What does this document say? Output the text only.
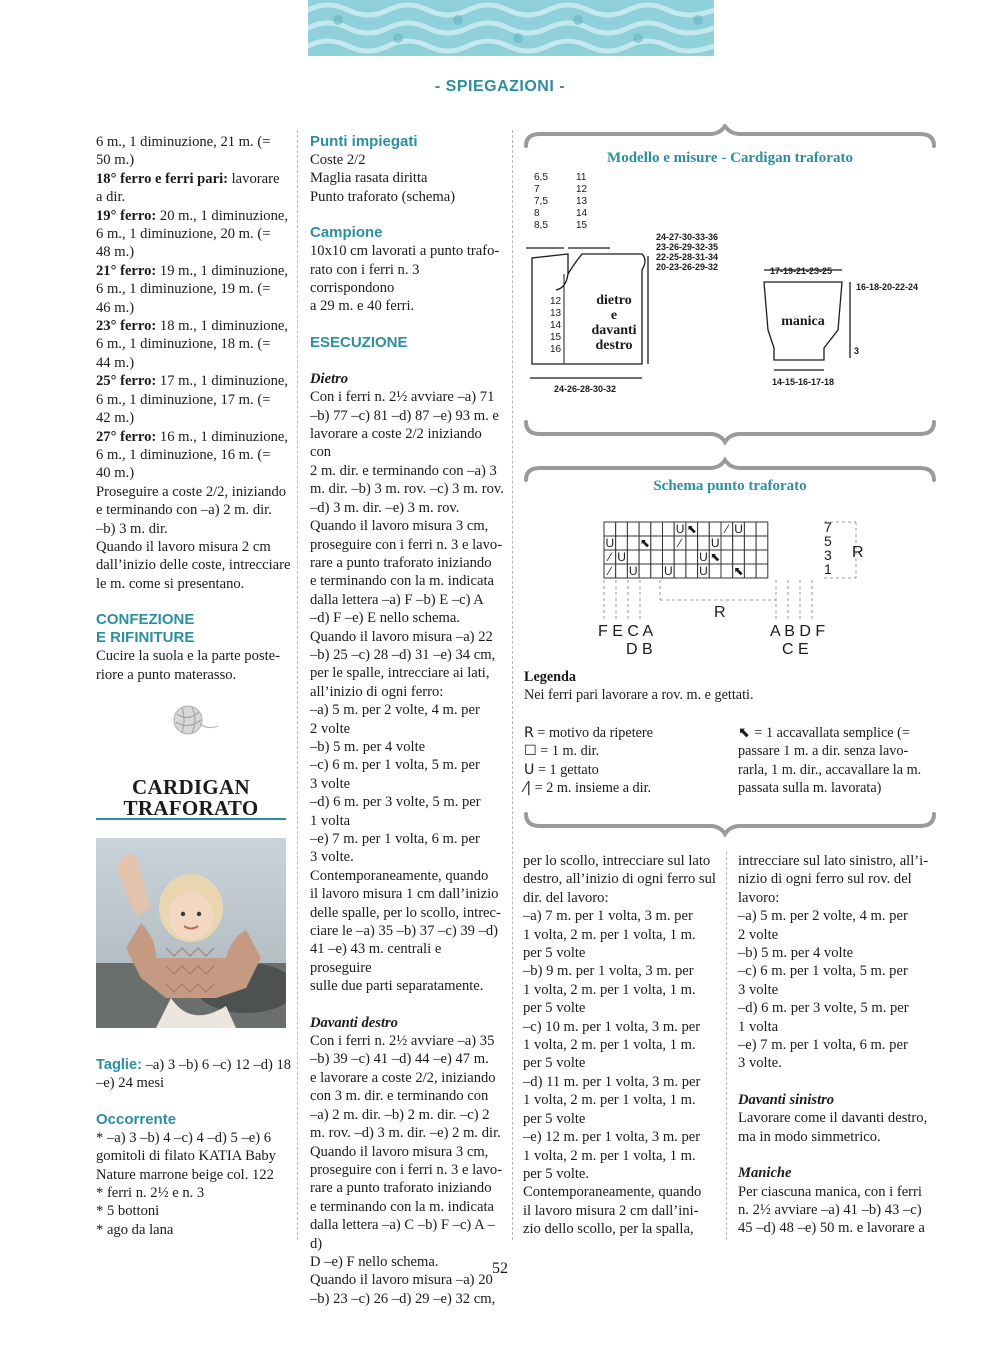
- SPIEGAZIONI -

6 m., 1 diminuzione, 21 m. (=

50 m.)

18° ferro e ferri pari: lavorare

a dir.

19° ferro: 20 m., 1 diminuzione,

6 m., 1 diminuzione, 20 m. (=

48 m.)

21° ferro: 19 m., 1 diminuzione,

6 m., 1 diminuzione, 19 m. (=

46 m.)

23° ferro: 18 m., 1 diminuzione,

6 m., 1 diminuzione, 18 m. (=

44 m.)

25° ferro: 17 m., 1 diminuzione,

6 m., 1 diminuzione, 17 m. (=

42 m.)

27° ferro: 16 m., 1 diminuzione,

6 m., 1 diminuzione, 16 m. (=

40 m.)

Proseguire a coste 2/2, iniziando

e terminando con –a) 2 m. dir.

–b) 3 m. dir.

Quando il lavoro misura 2 cm

dall’inizio delle coste, intrecciare

le m. come si presentano.

CONFEZIONE

E RIFINITURE

Cucire la suola e la parte poste-

riore a punto materasso.

CARDIGAN
TRAFORATO

Taglie: –a) 3 –b) 6 –c) 12 –d) 18

–e) 24 mesi

Occorrente

* –a) 3 –b) 4 –c) 4 –d) 5 –e) 6

gomitoli di filato KATIA Baby

Nature marrone beige col. 122

* ferri n. 2½ e n. 3

* 5 bottoni

* ago da lana

Punti impiegati

Coste 2/2

Maglia rasata diritta

Punto traforato (schema)

Campione

10x10 cm lavorati a punto trafo-

rato con i ferri n. 3 corrispondono

a 29 m. e 40 ferri.

ESECUZIONE

Dietro

Con i ferri n. 2½ avviare –a) 71

–b) 77 –c) 81 –d) 87 –e) 93 m. e

lavorare a coste 2/2 iniziando con

2 m. dir. e terminando con –a) 3

m. dir. –b) 3 m. rov. –c) 3 m. rov.

–d) 3 m. dir. –e) 3 m. rov.

Quando il lavoro misura 3 cm,

proseguire con i ferri n. 3 e lavo-

rare a punto traforato iniziando

e terminando con la m. indicata

dalla lettera –a) F –b) E –c) A

–d) F –e) E nello schema.

Quando il lavoro misura –a) 22

–b) 25 –c) 28 –d) 31 –e) 34 cm,

per le spalle, intrecciare ai lati,

all’inizio di ogni ferro:

–a) 5 m. per 2 volte, 4 m. per

2 volte

–b) 5 m. per 4 volte

–c) 6 m. per 1 volta, 5 m. per

3 volte

–d) 6 m. per 3 volte, 5 m. per

1 volta

–e) 7 m. per 1 volta, 6 m. per

3 volte.

Contemporaneamente, quando

il lavoro misura 1 cm dall’inizio

delle spalle, per lo scollo, intrec-

ciare le –a) 35 –b) 37 –c) 39 –d)

41 –e) 43 m. centrali e proseguire

sulle due parti separatamente.

Davanti destro

Con i ferri n. 2½ avviare –a) 35

–b) 39 –c) 41 –d) 44 –e) 47 m.

e lavorare a coste 2/2, iniziando

con 3 m. dir. e terminando con

–a) 2 m. dir. –b) 2 m. dir. –c) 2

m. rov. –d) 3 m. dir. –e) 2 m. dir.

Quando il lavoro misura 3 cm,

proseguire con i ferri n. 3 e lavo-

rare a punto traforato iniziando

e terminando con la m. indicata

dalla lettera –a) C –b) F –c) A –d)

D –e) F nello schema.

Quando il lavoro misura –a) 20

–b) 23 –c) 26 –d) 29 –e) 32 cm,

Modello e misure - Cardigan traforato
6,5
7
7,5
8
8,5
11
12
13
14
15
24-27-30-33-36
23-26-29-32-35
22-25-28-31-34
20-23-26-29-32
12
13
14
15
16
24-26-28-30-32
17-19-21-23-25
16-18-20-22-24
3
14-15-16-17-18
dietro
e
davanti
destro
manica
Schema punto traforato
U ⬉ ⁄ U
U ⬉ ⁄ U
⁄ U	U ⬉
⁄ U U U ⬉
7
5
3
1
R
R
F E C A
D B
A B D F
C E

Legenda

Nei ferri pari lavorare a rov. m. e gettati.

R = motivo da ripetere

☐ = 1 m. dir.

U = 1 gettato

⁄| = 2 m. insieme a dir.

⬉ = 1 accavallata semplice (=

passare 1 m. a dir. senza lavo-

rarla, 1 m. dir., accavallare la m.

passata sulla m. lavorata)

per lo scollo, intrecciare sul lato

destro, all’inizio di ogni ferro sul

dir. del lavoro:

–a) 7 m. per 1 volta, 3 m. per

1 volta, 2 m. per 1 volta, 1 m.

per 5 volte

–b) 9 m. per 1 volta, 3 m. per

1 volta, 2 m. per 1 volta, 1 m.

per 5 volte

–c) 10 m. per 1 volta, 3 m. per

1 volta, 2 m. per 1 volta, 1 m.

per 5 volte

–d) 11 m. per 1 volta, 3 m. per

1 volta, 2 m. per 1 volta, 1 m.

per 5 volte

–e) 12 m. per 1 volta, 3 m. per

1 volta, 2 m. per 1 volta, 1 m.

per 5 volte.

Contemporaneamente, quando

il lavoro misura 2 cm dall’ini-

zio dello scollo, per la spalla,

intrecciare sul lato sinistro, all’i-

nizio di ogni ferro sul rov. del

lavoro:

–a) 5 m. per 2 volte, 4 m. per

2 volte

–b) 5 m. per 4 volte

–c) 6 m. per 1 volta, 5 m. per

3 volte

–d) 6 m. per 3 volte, 5 m. per

1 volta

–e) 7 m. per 1 volta, 6 m. per

3 volte.

Davanti sinistro

Lavorare come il davanti destro,

ma in modo simmetrico.

Maniche

Per ciascuna manica, con i ferri

n. 2½ avviare –a) 41 –b) 43 –c)

45 –d) 48 –e) 50 m. e lavorare a

52
